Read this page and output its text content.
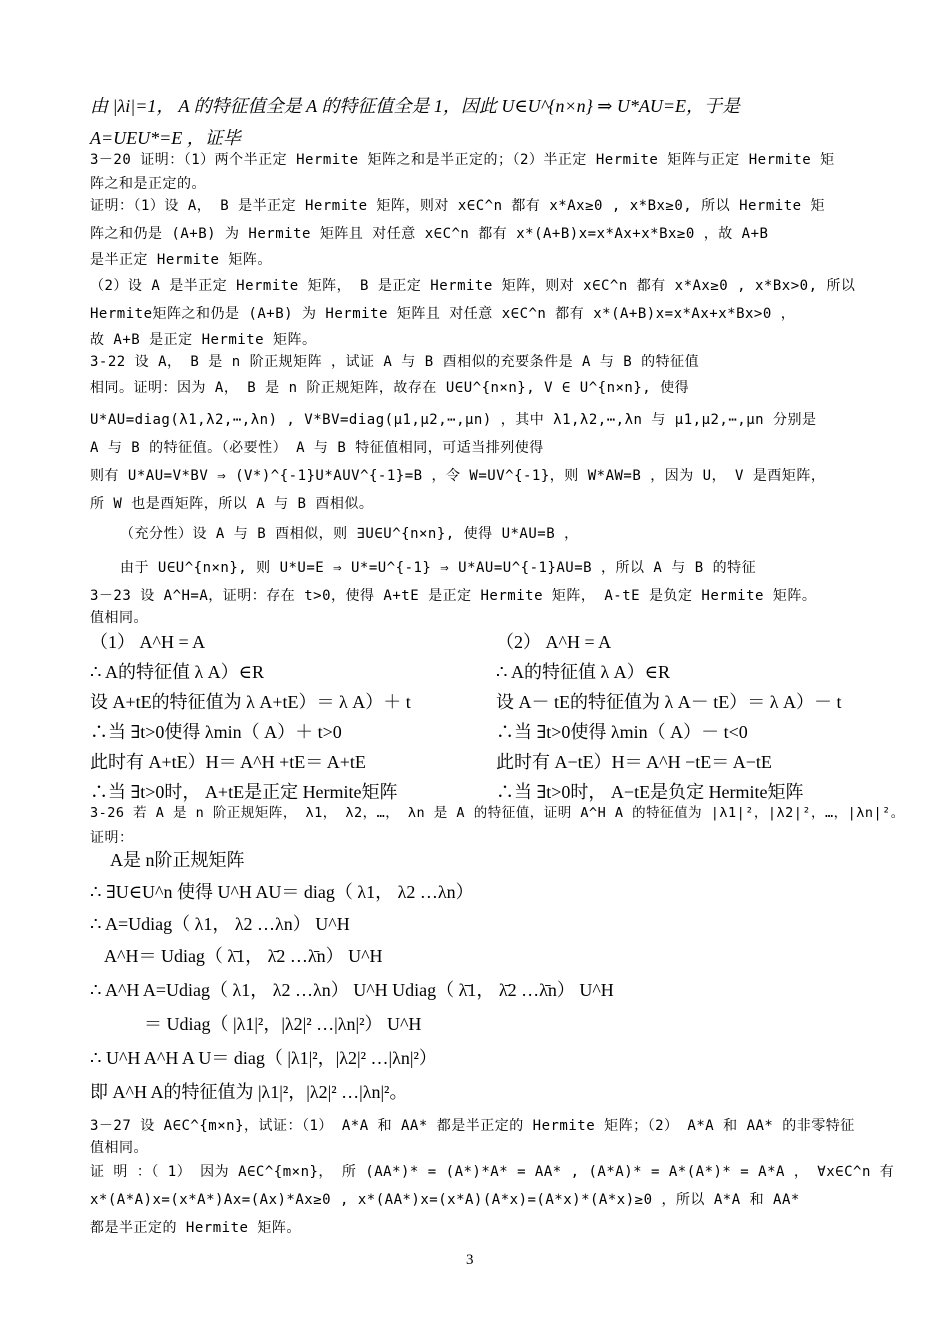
由 |λi|=1， A 的特征值全是 A 的特征值全是 1，因此 U∈U^{n×n} ⇒ U*AU=E，于是
A=UEU*=E ，证毕
3－20 证明：（1）两个半正定 Hermite 矩阵之和是半正定的；（2）半正定 Hermite 矩阵与正定 Hermite 矩
阵之和是正定的。
证明：（1）设 A， B 是半正定 Hermite 矩阵，则对 x∈C^n 都有 x*Ax≥0 , x*Bx≥0, 所以 Hermite 矩
阵之和仍是 (A+B) 为 Hermite 矩阵且 对任意 x∈C^n 都有 x*(A+B)x=x*Ax+x*Bx≥0 ，故 A+B
是半正定 Hermite 矩阵。
（2）设 A 是半正定 Hermite 矩阵， B 是正定 Hermite 矩阵，则对 x∈C^n 都有 x*Ax≥0 , x*Bx>0, 所以
Hermite矩阵之和仍是 (A+B) 为 Hermite 矩阵且 对任意 x∈C^n 都有 x*(A+B)x=x*Ax+x*Bx>0 ，
故 A+B 是正定 Hermite 矩阵。
3-22 设 A， B 是 n 阶正规矩阵 ，试证 A 与 B 酉相似的充要条件是 A 与 B 的特征值
相同。证明：因为 A， B 是 n 阶正规矩阵，故存在 U∈U^{n×n}, V ∈ U^{n×n}, 使得
U*AU=diag(λ1,λ2,⋯,λn) , V*BV=diag(μ1,μ2,⋯,μn) ，其中 λ1,λ2,⋯,λn 与 μ1,μ2,⋯,μn 分别是
A 与 B 的特征值。（必要性） A 与 B 特征值相同，可适当排列使得
则有 U*AU=V*BV ⇒ (V*)^{-1}U*AUV^{-1}=B ，令 W=UV^{-1}，则 W*AW=B ，因为 U， V 是酉矩阵，
所 W 也是酉矩阵，所以 A 与 B 酉相似。
（充分性）设 A 与 B 酉相似，则 ∃U∈U^{n×n}, 使得 U*AU=B ，
由于 U∈U^{n×n}, 则 U*U=E ⇒ U*=U^{-1} ⇒ U*AU=U^{-1}AU=B ，所以 A 与 B 的特征
3－23 设 A^H=A，证明：存在 t>0，使得 A+tE 是正定 Hermite 矩阵， A-tE 是负定 Hermite 矩阵。
值相同。
（1） A^H = A
∴ A的特征值 λ A）∈R
设 A+tE的特征值为 λ A+tE）＝ λ A）＋ t
∴当 ∃t>0使得 λmin（ A）＋ t>0
此时有 A+tE）H＝ A^H +tE＝ A+tE
∴当 ∃t>0时， A+tE是正定 Hermite矩阵
（2） A^H = A
∴ A的特征值 λ A）∈R
设 A－ tE的特征值为 λ A－ tE）＝ λ A）－ t
∴当 ∃t>0使得 λmin（ A）－ t<0
此时有 A−tE）H＝ A^H −tE＝ A−tE
∴当 ∃t>0时， A−tE是负定 Hermite矩阵
3-26 若 A 是 n 阶正规矩阵， λ1， λ2，…， λn 是 A 的特征值，证明 A^H A 的特征值为 |λ1|²，|λ2|²，…，|λn|²。
证明：
A是 n阶正规矩阵
∴ ∃U∈U^n 使得 U^H AU＝ diag（ λ1， λ2 …λn）
∴ A=Udiag（ λ1， λ2 …λn） U^H
A^H＝ Udiag（ λ̄1， λ̄2 …λ̄n） U^H
∴ A^H A=Udiag（ λ1， λ2 …λn） U^H Udiag（ λ̄1， λ̄2 …λ̄n） U^H
＝ Udiag（ |λ1|²，|λ2|² …|λn|²） U^H
∴ U^H A^H A U＝ diag（ |λ1|²，|λ2|² …|λn|²）
即 A^H A的特征值为 |λ1|²，|λ2|² …|λn|²。
3－27 设 A∈C^{m×n}，试证：（1） A*A 和 AA* 都是半正定的 Hermite 矩阵；（2） A*A 和 AA* 的非零特征
值相同。
证 明 ：（ 1） 因为 A∈C^{m×n}， 所 (AA*)* = (A*)*A* = AA* , (A*A)* = A*(A*)* = A*A ， ∀x∈C^n 有
x*(A*A)x=(x*A*)Ax=(Ax)*Ax≥0 , x*(AA*)x=(x*A)(A*x)=(A*x)*(A*x)≥0 ，所以 A*A 和 AA*
都是半正定的 Hermite 矩阵。
3
